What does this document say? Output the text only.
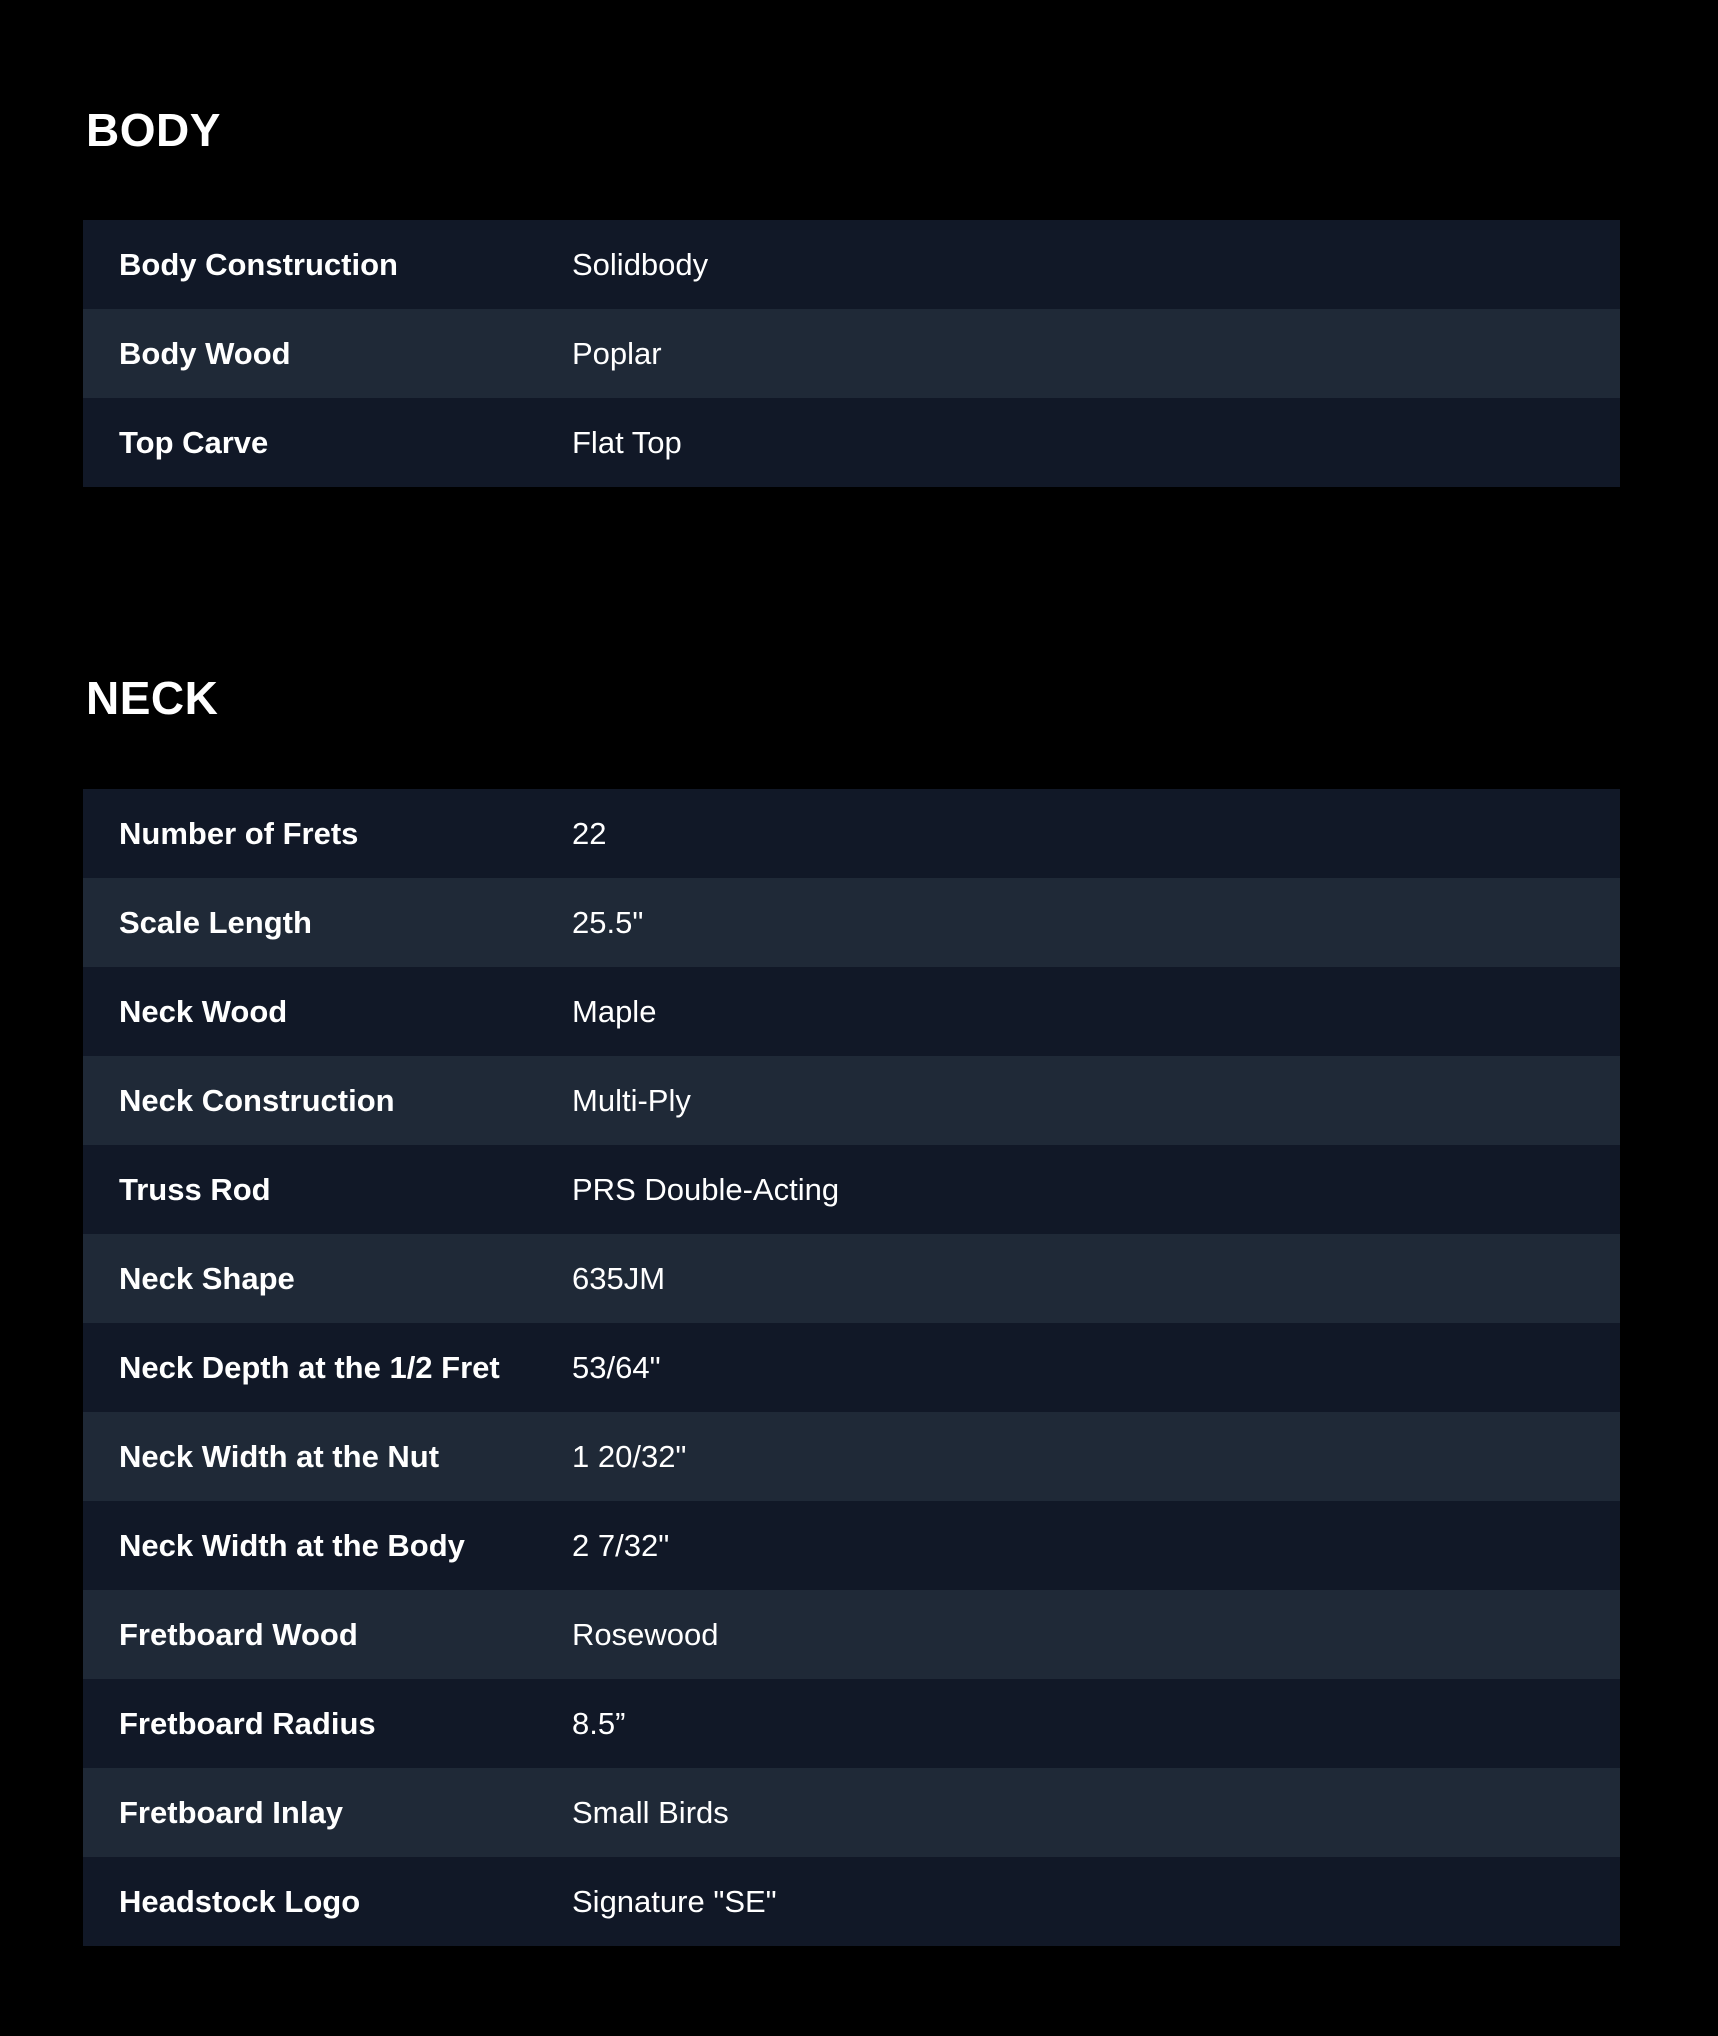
BODY
Body Construction	Solidbody
Body Wood	Poplar
Top Carve	Flat Top
NECK
Number of Frets	22
Scale Length	25.5"
Neck Wood	Maple
Neck Construction	Multi-Ply
Truss Rod	PRS Double-Acting
Neck Shape	635JM
Neck Depth at the 1/2 Fret	53/64"
Neck Width at the Nut	1 20/32"
Neck Width at the Body	2 7/32"
Fretboard Wood	Rosewood
Fretboard Radius	8.5”
Fretboard Inlay	Small Birds
Headstock Logo	Signature "SE"
